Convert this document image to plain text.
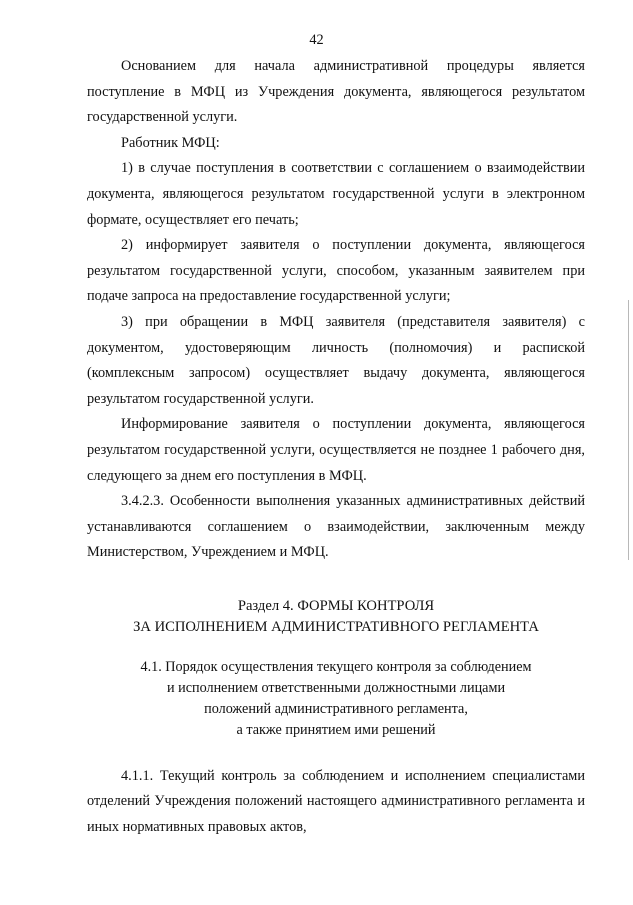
42

Основанием для начала административной процедуры является поступление в МФЦ из Учреждения документа, являющегося результатом государственной услуги.

Работник МФЦ:

1) в случае поступления в соответствии с соглашением о взаимодействии документа, являющегося результатом государственной услуги в электронном формате, осуществляет его печать;

2) информирует заявителя о поступлении документа, являющегося результатом государственной услуги, способом, указанным заявителем при подаче запроса на предоставление государственной услуги;

3) при обращении в МФЦ заявителя (представителя заявителя) с документом, удостоверяющим личность (полномочия) и распиской (комплексным запросом) осуществляет выдачу документа, являющегося результатом государственной услуги.

Информирование заявителя о поступлении документа, являющегося результатом государственной услуги, осуществляется не позднее 1 рабочего дня, следующего за днем его поступления в МФЦ.

3.4.2.3. Особенности выполнения указанных административных действий устанавливаются соглашением о взаимодействии, заключенным между Министерством, Учреждением и МФЦ.

Раздел 4. ФОРМЫ КОНТРОЛЯ

ЗА ИСПОЛНЕНИЕМ АДМИНИСТРАТИВНОГО РЕГЛАМЕНТА

4.1. Порядок осуществления текущего контроля за соблюдением

и исполнением ответственными должностными лицами

положений административного регламента,

а также принятием ими решений

4.1.1. Текущий контроль за соблюдением и исполнением специалистами отделений Учреждения положений настоящего административного регламента и иных нормативных правовых актов,
